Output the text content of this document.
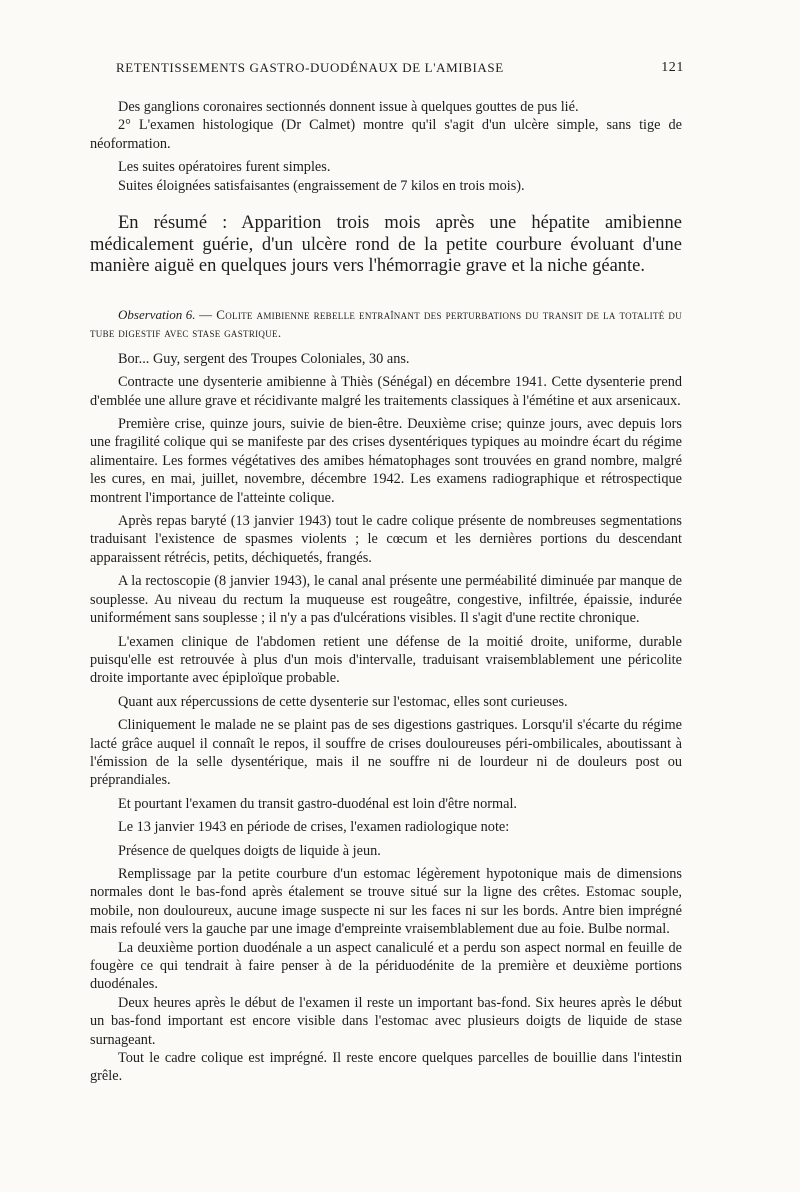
RETENTISSEMENTS GASTRO-DUODÉNAUX DE L'AMIBIASE	121

Des ganglions coronaires sectionnés donnent issue à quelques gouttes de pus lié.

2° L'examen histologique (Dr Calmet) montre qu'il s'agit d'un ulcère simple, sans tige de néoformation.

Les suites opératoires furent simples.

Suites éloignées satisfaisantes (engraissement de 7 kilos en trois mois).

En résumé : Apparition trois mois après une hépatite amibienne médicalement guérie, d'un ulcère rond de la petite courbure évoluant d'une manière aiguë en quelques jours vers l'hémorragie grave et la niche géante.

Observation 6. — Colite amibienne rebelle entraînant des perturbations du transit de la totalité du tube digestif avec stase gastrique.

Bor... Guy, sergent des Troupes Coloniales, 30 ans.

Contracte une dysenterie amibienne à Thiès (Sénégal) en décembre 1941. Cette dysenterie prend d'emblée une allure grave et récidivante malgré les traitements classiques à l'émétine et aux arsenicaux.

Première crise, quinze jours, suivie de bien-être. Deuxième crise; quinze jours, avec depuis lors une fragilité colique qui se manifeste par des crises dysentériques typiques au moindre écart du régime alimentaire. Les formes végétatives des amibes hématophages sont trouvées en grand nombre, malgré les cures, en mai, juillet, novembre, décembre 1942. Les examens radiographique et rétrospectique montrent l'importance de l'atteinte colique.

Après repas baryté (13 janvier 1943) tout le cadre colique présente de nombreuses segmentations traduisant l'existence de spasmes violents ; le cœcum et les dernières portions du descendant apparaissent rétrécis, petits, déchiquetés, frangés.

A la rectoscopie (8 janvier 1943), le canal anal présente une perméabilité diminuée par manque de souplesse. Au niveau du rectum la muqueuse est rougeâtre, congestive, infiltrée, épaissie, indurée uniformément sans souplesse ; il n'y a pas d'ulcérations visibles. Il s'agit d'une rectite chronique.

L'examen clinique de l'abdomen retient une défense de la moitié droite, uniforme, durable puisqu'elle est retrouvée à plus d'un mois d'intervalle, traduisant vraisemblablement une péricolite droite importante avec épiploïque probable.

Quant aux répercussions de cette dysenterie sur l'estomac, elles sont curieuses.

Cliniquement le malade ne se plaint pas de ses digestions gastriques. Lorsqu'il s'écarte du régime lacté grâce auquel il connaît le repos, il souffre de crises douloureuses péri-ombilicales, aboutissant à l'émission de la selle dysentérique, mais il ne souffre ni de lourdeur ni de douleurs post ou préprandiales.

Et pourtant l'examen du transit gastro-duodénal est loin d'être normal.

Le 13 janvier 1943 en période de crises, l'examen radiologique note:

Présence de quelques doigts de liquide à jeun.

Remplissage par la petite courbure d'un estomac légèrement hypotonique mais de dimensions normales dont le bas-fond après étalement se trouve situé sur la ligne des crêtes. Estomac souple, mobile, non douloureux, aucune image suspecte ni sur les faces ni sur les bords. Antre bien imprégné mais refoulé vers la gauche par une image d'empreinte vraisemblablement due au foie. Bulbe normal.

La deuxième portion duodénale a un aspect canaliculé et a perdu son aspect normal en feuille de fougère ce qui tendrait à faire penser à de la périduodénite de la première et deuxième portions duodénales.

Deux heures après le début de l'examen il reste un important bas-fond. Six heures après le début un bas-fond important est encore visible dans l'estomac avec plusieurs doigts de liquide de stase surnageant.

Tout le cadre colique est imprégné. Il reste encore quelques parcelles de bouillie dans l'intestin grêle.
